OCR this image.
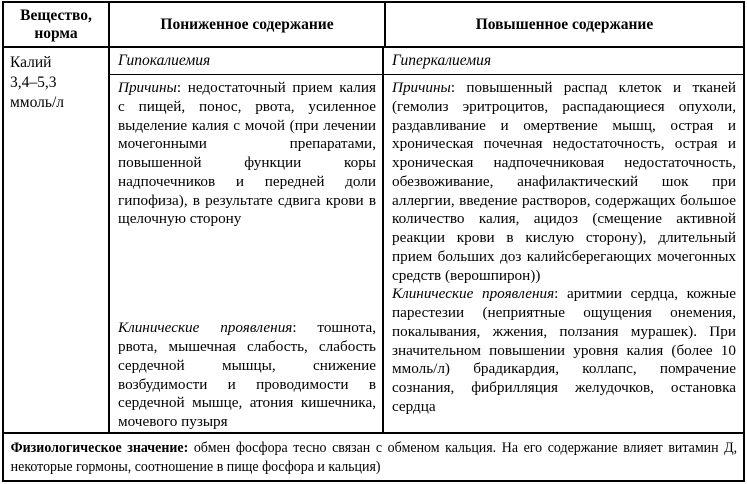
Вещество,
норма
Пониженное содержание	Повышенное содержание
Калий
3,4–5,3
ммоль/л
Гипокалиемия	Гиперкалиемия
Причины: недостаточный прием калия с пищей, понос, рвота, усиленное выделение калия с мочой (при лечении мочегонными препаратами, повышенной функции коры надпочечников и передней доли гипофиза), в результате сдвига крови в щелочную сторону
Клинические проявления: тошнота, рвота, мышечная слабость, слабость сердечной мышцы, снижение возбудимости и проводимости в сердечной мышце, атония кишечника, мочевого пузыря
Причины: повышенный распад клеток и тканей (гемолиз эритроцитов, распадающиеся опухоли, раздавливание и омертвение мышц, острая и хроническая почечная недостаточность, острая и хроническая надпочечниковая недостаточность, обезвоживание, анафилактический шок при аллергии, введение растворов, содержащих большое количество калия, ацидоз (смещение активной реакции крови в кислую сторону), длительный прием больших доз калийсберегающих мочегонных средств (верошпирон))
Клинические проявления: аритмии сердца, кожные парестезии (неприятные ощущения онемения, покалывания, жжения, ползания мурашек). При значительном повышении уровня калия (более 10 ммоль/л) брадикардия, коллапс, помрачение сознания, фибрилляция желудочков, остановка сердца
Физиологическое значение: обмен фосфора тесно связан с обменом кальция. На его содержание влияет витамин Д, некоторые гормоны, соотношение в пище фосфора и кальция)
